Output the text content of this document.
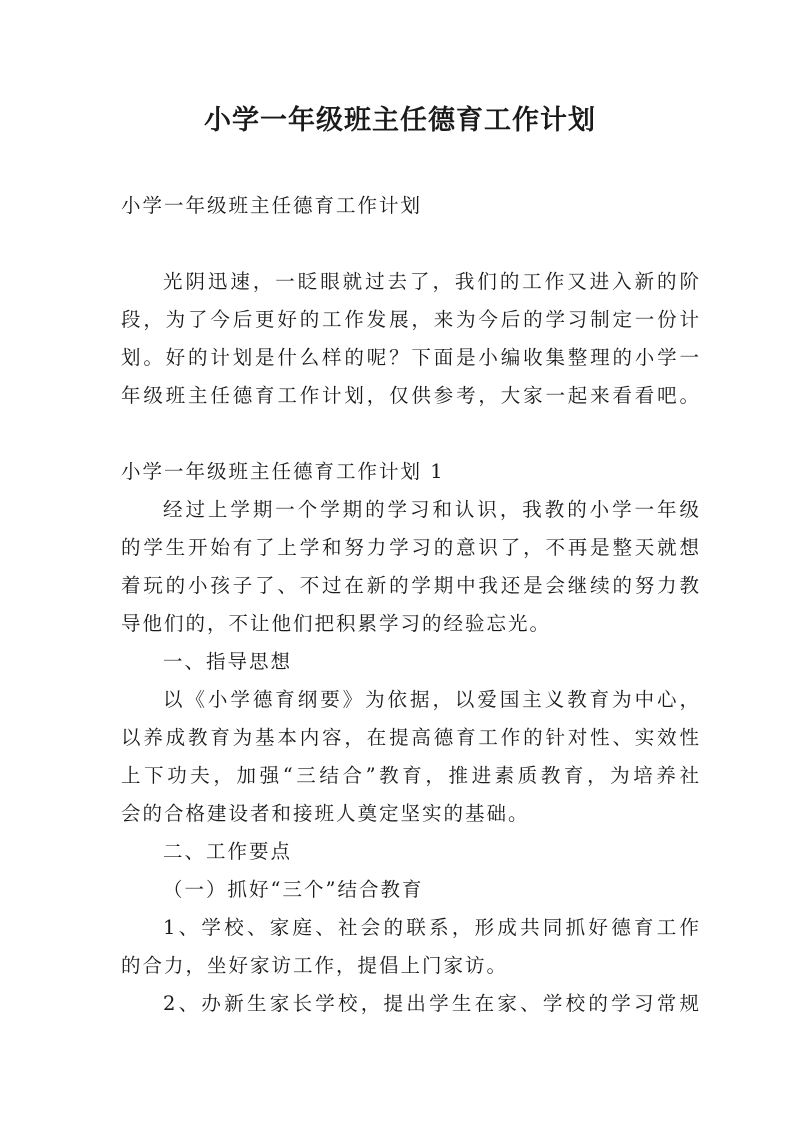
小学一年级班主任德育工作计划
小学一年级班主任德育工作计划
光阴迅速，一眨眼就过去了，我们的工作又进入新的阶
段，为了今后更好的工作发展，来为今后的学习制定一份计
划。好的计划是什么样的呢？下面是小编收集整理的小学一
年级班主任德育工作计划，仅供参考，大家一起来看看吧。
小学一年级班主任德育工作计划 1
经过上学期一个学期的学习和认识，我教的小学一年级
的学生开始有了上学和努力学习的意识了，不再是整天就想
着玩的小孩子了、不过在新的学期中我还是会继续的努力教
导他们的，不让他们把积累学习的经验忘光。
一、指导思想
以《小学德育纲要》为依据，以爱国主义教育为中心，
以养成教育为基本内容，在提高德育工作的针对性、实效性
上下功夫，加强“三结合”教育，推进素质教育，为培养社
会的合格建设者和接班人奠定坚实的基础。
二、工作要点
（一）抓好“三个”结合教育
1、学校、家庭、社会的联系，形成共同抓好德育工作
的合力，坐好家访工作，提倡上门家访。
2、办新生家长学校，提出学生在家、学校的学习常规
